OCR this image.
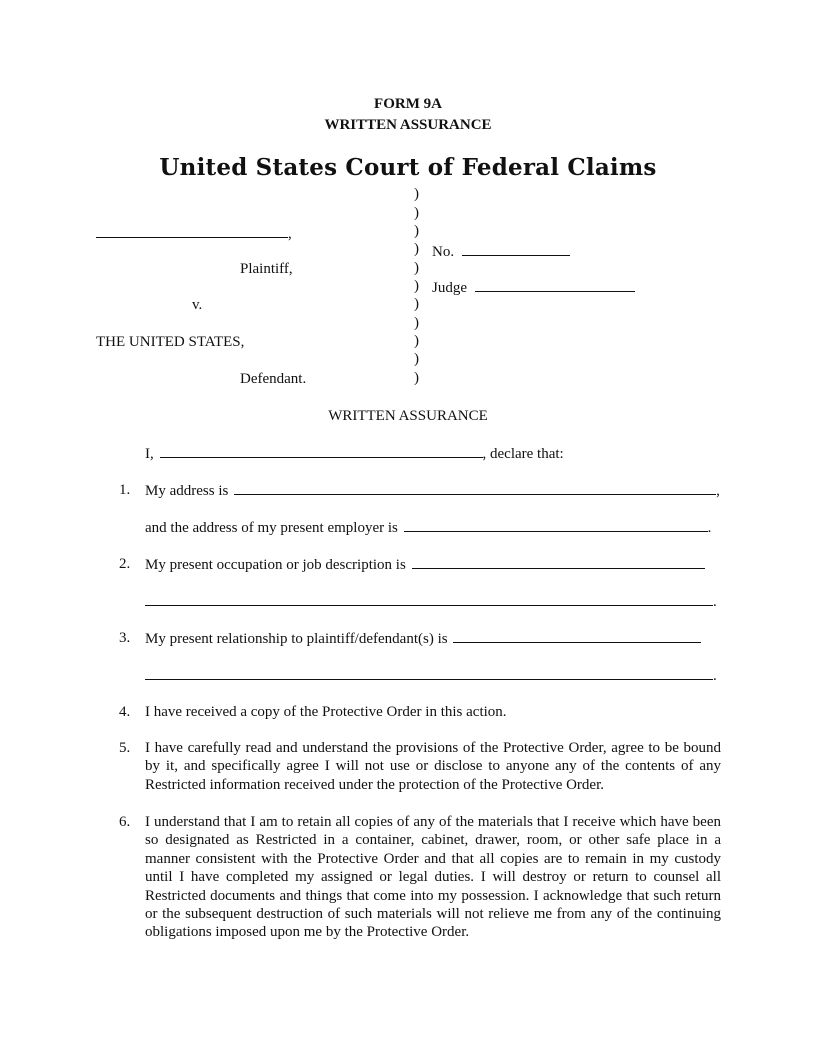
FORM 9A
WRITTEN ASSURANCE
United States Court of Federal Claims
)
)
)
)
)
)
)
)
)
)
)
,
Plaintiff,
v.
THE UNITED STATES,
Defendant.
No.
Judge
WRITTEN ASSURANCE
I,	, declare that:
1. My address is	,
and the address of my present employer is	.
2. My present occupation or job description is
.
3. My present relationship to plaintiff/defendant(s) is
.
4. I have received a copy of the Protective Order in this action.
5. I have carefully read and understand the provisions of the Protective Order, agree to be bound by it, and specifically agree I will not use or disclose to anyone any of the contents of any Restricted information received under the protection of the Protective Order.
6. I understand that I am to retain all copies of any of the materials that I receive which have been so designated as Restricted in a container, cabinet, drawer, room, or other safe place in a manner consistent with the Protective Order and that all copies are to remain in my custody until I have completed my assigned or legal duties. I will destroy or return to counsel all Restricted documents and things that come into my possession. I acknowledge that such return or the subsequent destruction of such materials will not relieve me from any of the continuing obligations imposed upon me by the Protective Order.
